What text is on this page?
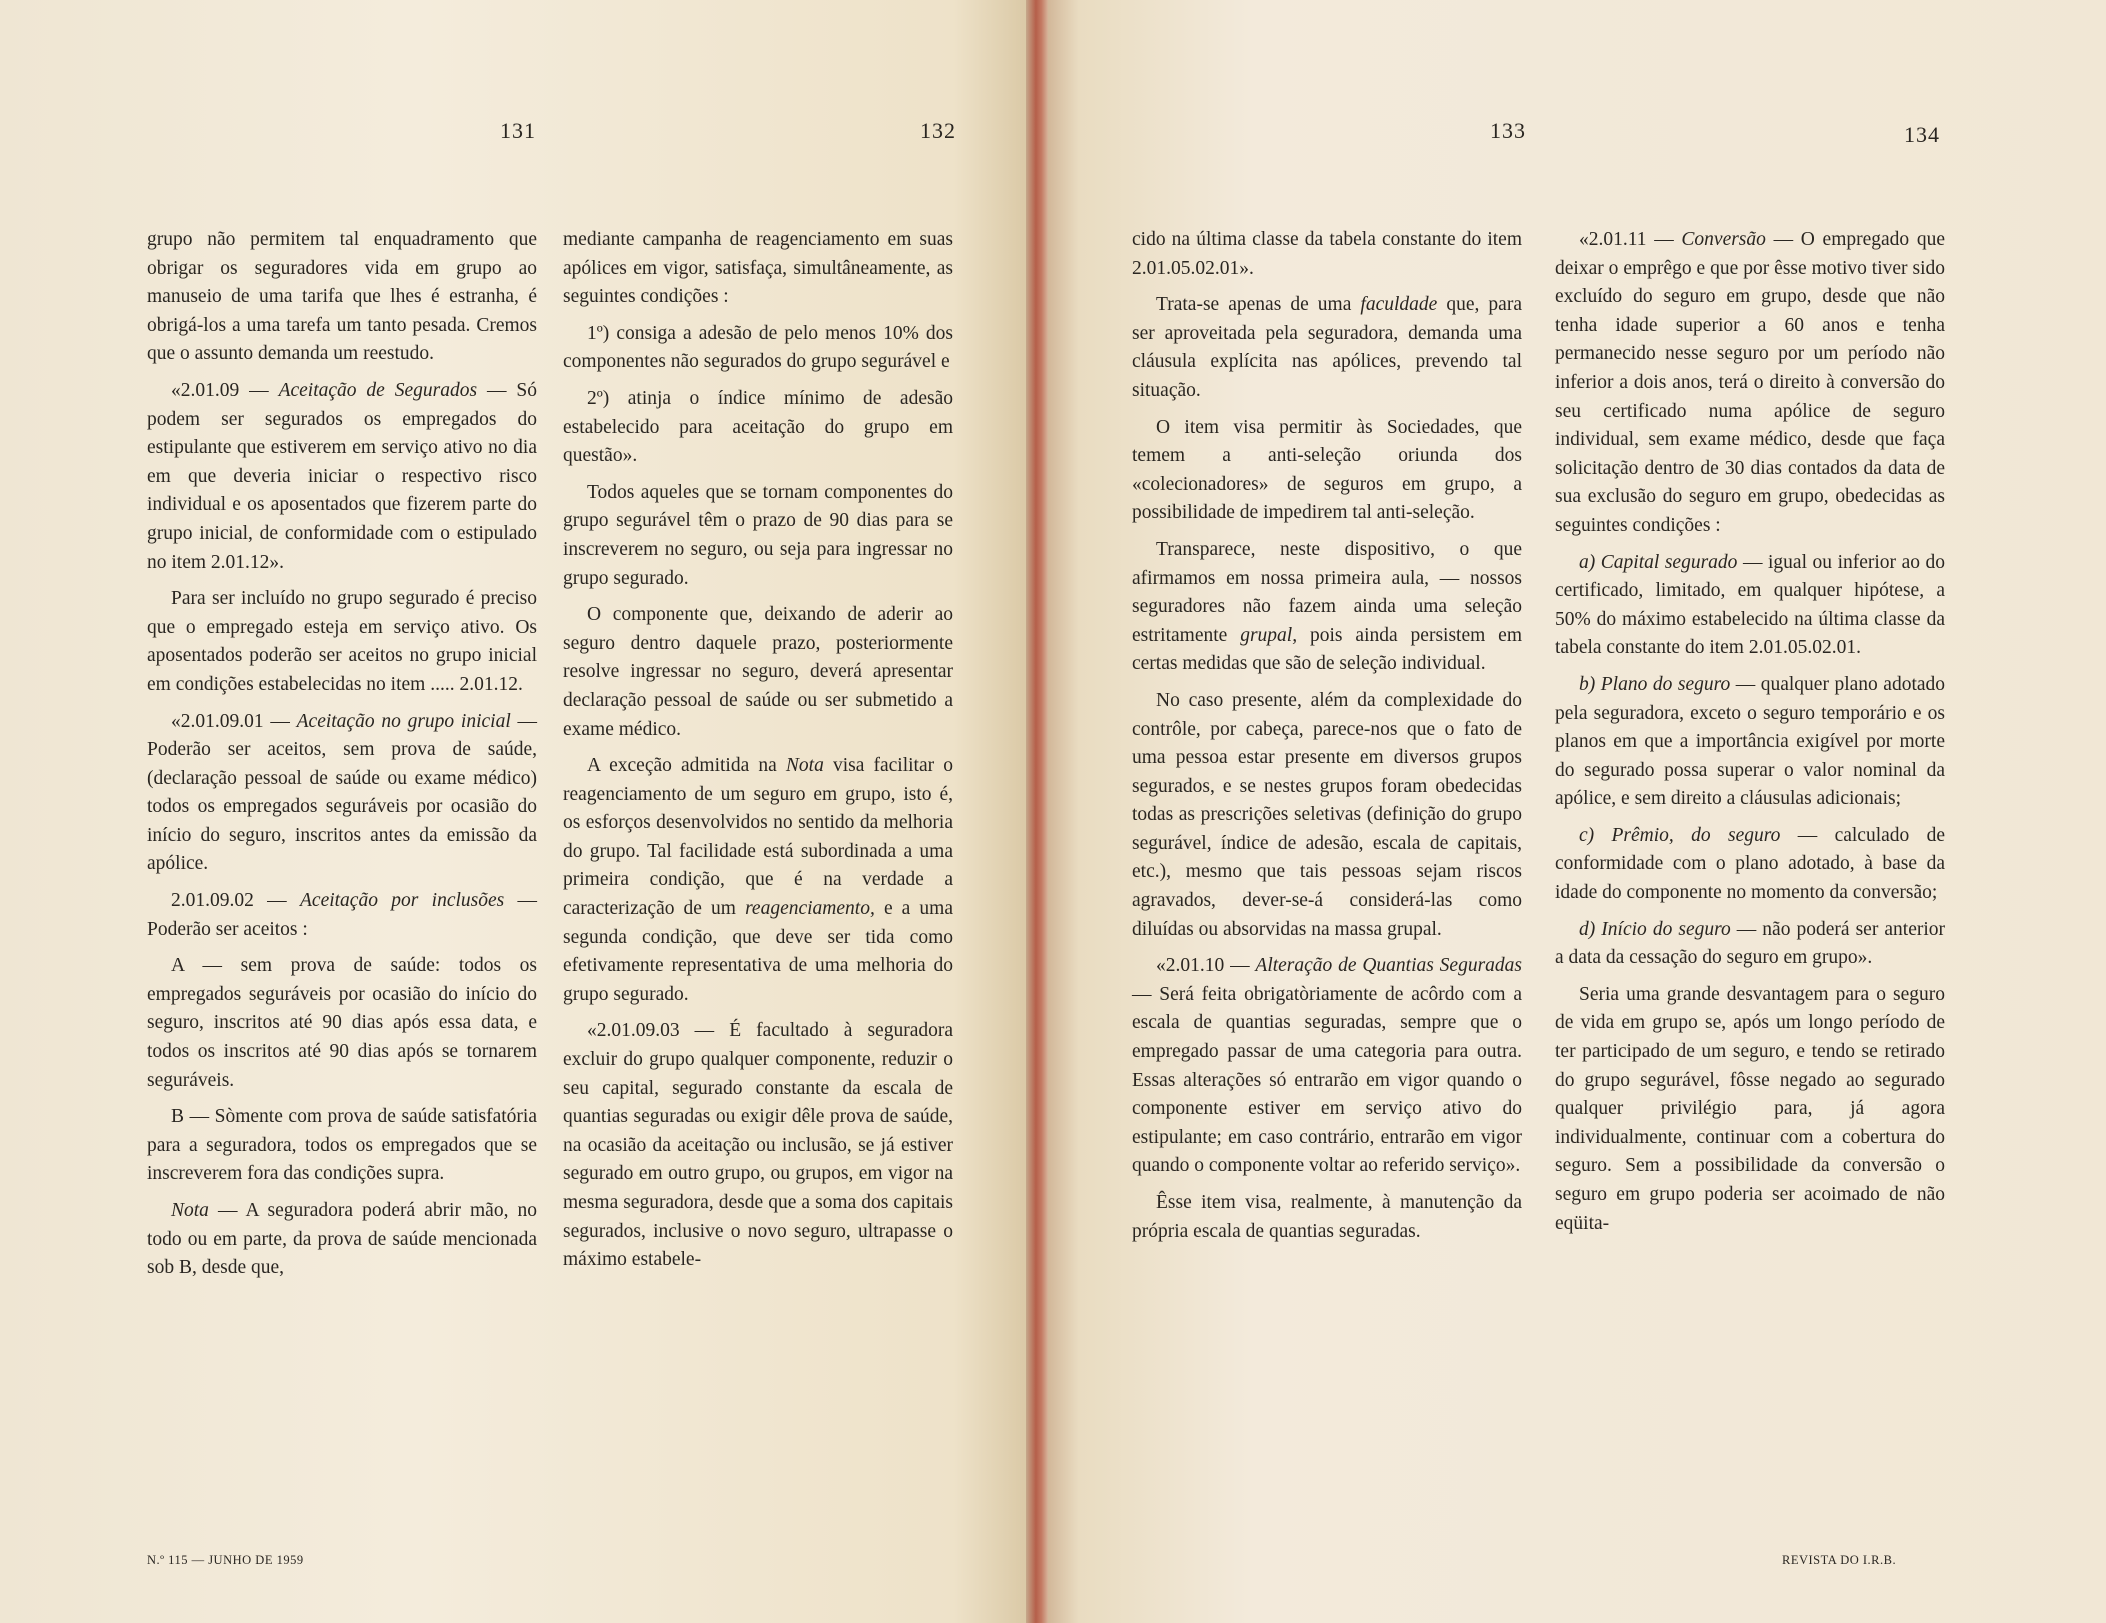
131	132	133	134

grupo não permitem tal enquadramento que obrigar os seguradores vida em grupo ao manuseio de uma tarifa que lhes é estranha, é obrigá-los a uma tarefa um tanto pesada. Cremos que o assunto demanda um reestudo.

«2.01.09 — Aceitação de Segurados — Só podem ser segurados os empregados do estipulante que estiverem em serviço ativo no dia em que deveria iniciar o respectivo risco individual e os aposentados que fizerem parte do grupo inicial, de conformidade com o estipulado no item 2.01.12».

Para ser incluído no grupo segurado é preciso que o empregado esteja em serviço ativo. Os aposentados poderão ser aceitos no grupo inicial em condições estabelecidas no item ..... 2.01.12.

«2.01.09.01 — Aceitação no grupo inicial — Poderão ser aceitos, sem prova de saúde, (declaração pessoal de saúde ou exame médico) todos os empregados seguráveis por ocasião do início do seguro, inscritos antes da emissão da apólice.

2.01.09.02 — Aceitação por inclusões — Poderão ser aceitos :

A — sem prova de saúde: todos os empregados seguráveis por ocasião do início do seguro, inscritos até 90 dias após essa data, e todos os inscritos até 90 dias após se tornarem seguráveis.

B — Sòmente com prova de saúde satisfatória para a seguradora, todos os empregados que se inscreverem fora das condições supra.

Nota — A seguradora poderá abrir mão, no todo ou em parte, da prova de saúde mencionada sob B, desde que,

mediante campanha de reagenciamento em suas apólices em vigor, satisfaça, simultâneamente, as seguintes condições :

1º) consiga a adesão de pelo menos 10% dos componentes não segurados do grupo segurável e

2º) atinja o índice mínimo de adesão estabelecido para aceitação do grupo em questão».

Todos aqueles que se tornam componentes do grupo segurável têm o prazo de 90 dias para se inscreverem no seguro, ou seja para ingressar no grupo segurado.

O componente que, deixando de aderir ao seguro dentro daquele prazo, posteriormente resolve ingressar no seguro, deverá apresentar declaração pessoal de saúde ou ser submetido a exame médico.

A exceção admitida na Nota visa facilitar o reagenciamento de um seguro em grupo, isto é, os esforços desenvolvidos no sentido da melhoria do grupo. Tal facilidade está subordinada a uma primeira condição, que é na verdade a caracterização de um reagenciamento, e a uma segunda condição, que deve ser tida como efetivamente representativa de uma melhoria do grupo segurado.

«2.01.09.03 — É facultado à seguradora excluir do grupo qualquer componente, reduzir o seu capital, segurado constante da escala de quantias seguradas ou exigir dêle prova de saúde, na ocasião da aceitação ou inclusão, se já estiver segurado em outro grupo, ou grupos, em vigor na mesma seguradora, desde que a soma dos capitais segurados, inclusive o novo seguro, ultrapasse o máximo estabele-

cido na última classe da tabela constante do item 2.01.05.02.01».

Trata-se apenas de uma faculdade que, para ser aproveitada pela seguradora, demanda uma cláusula explícita nas apólices, prevendo tal situação.

O item visa permitir às Sociedades, que temem a anti-seleção oriunda dos «colecionadores» de seguros em grupo, a possibilidade de impedirem tal anti-seleção.

Transparece, neste dispositivo, o que afirmamos em nossa primeira aula, — nossos seguradores não fazem ainda uma seleção estritamente grupal, pois ainda persistem em certas medidas que são de seleção individual.

No caso presente, além da complexidade do contrôle, por cabeça, parece-nos que o fato de uma pessoa estar presente em diversos grupos segurados, e se nestes grupos foram obedecidas todas as prescrições seletivas (definição do grupo segurável, índice de adesão, escala de capitais, etc.), mesmo que tais pessoas sejam riscos agravados, dever-se-á considerá-las como diluídas ou absorvidas na massa grupal.

«2.01.10 — Alteração de Quantias Seguradas — Será feita obrigatòriamente de acôrdo com a escala de quantias seguradas, sempre que o empregado passar de uma categoria para outra. Essas alterações só entrarão em vigor quando o componente estiver em serviço ativo do estipulante; em caso contrário, entrarão em vigor quando o componente voltar ao referido serviço».

Êsse item visa, realmente, à manutenção da própria escala de quantias seguradas.

«2.01.11 — Conversão — O empregado que deixar o emprêgo e que por êsse motivo tiver sido excluído do seguro em grupo, desde que não tenha idade superior a 60 anos e tenha permanecido nesse seguro por um período não inferior a dois anos, terá o direito à conversão do seu certificado numa apólice de seguro individual, sem exame médico, desde que faça solicitação dentro de 30 dias contados da data de sua exclusão do seguro em grupo, obedecidas as seguintes condições :

a) Capital segurado — igual ou inferior ao do certificado, limitado, em qualquer hipótese, a 50% do máximo estabelecido na última classe da tabela constante do item 2.01.05.02.01.

b) Plano do seguro — qualquer plano adotado pela seguradora, exceto o seguro temporário e os planos em que a importância exigível por morte do segurado possa superar o valor nominal da apólice, e sem direito a cláusulas adicionais;

c) Prêmio, do seguro — calculado de conformidade com o plano adotado, à base da idade do componente no momento da conversão;

d) Início do seguro — não poderá ser anterior a data da cessação do seguro em grupo».

Seria uma grande desvantagem para o seguro de vida em grupo se, após um longo período de ter participado de um seguro, e tendo se retirado do grupo segurável, fôsse negado ao segurado qualquer privilégio para, já agora individualmente, continuar com a cobertura do seguro. Sem a possibilidade da conversão o seguro em grupo poderia ser acoimado de não eqüita-

N.º 115 — JUNHO DE 1959	REVISTA DO I.R.B.
